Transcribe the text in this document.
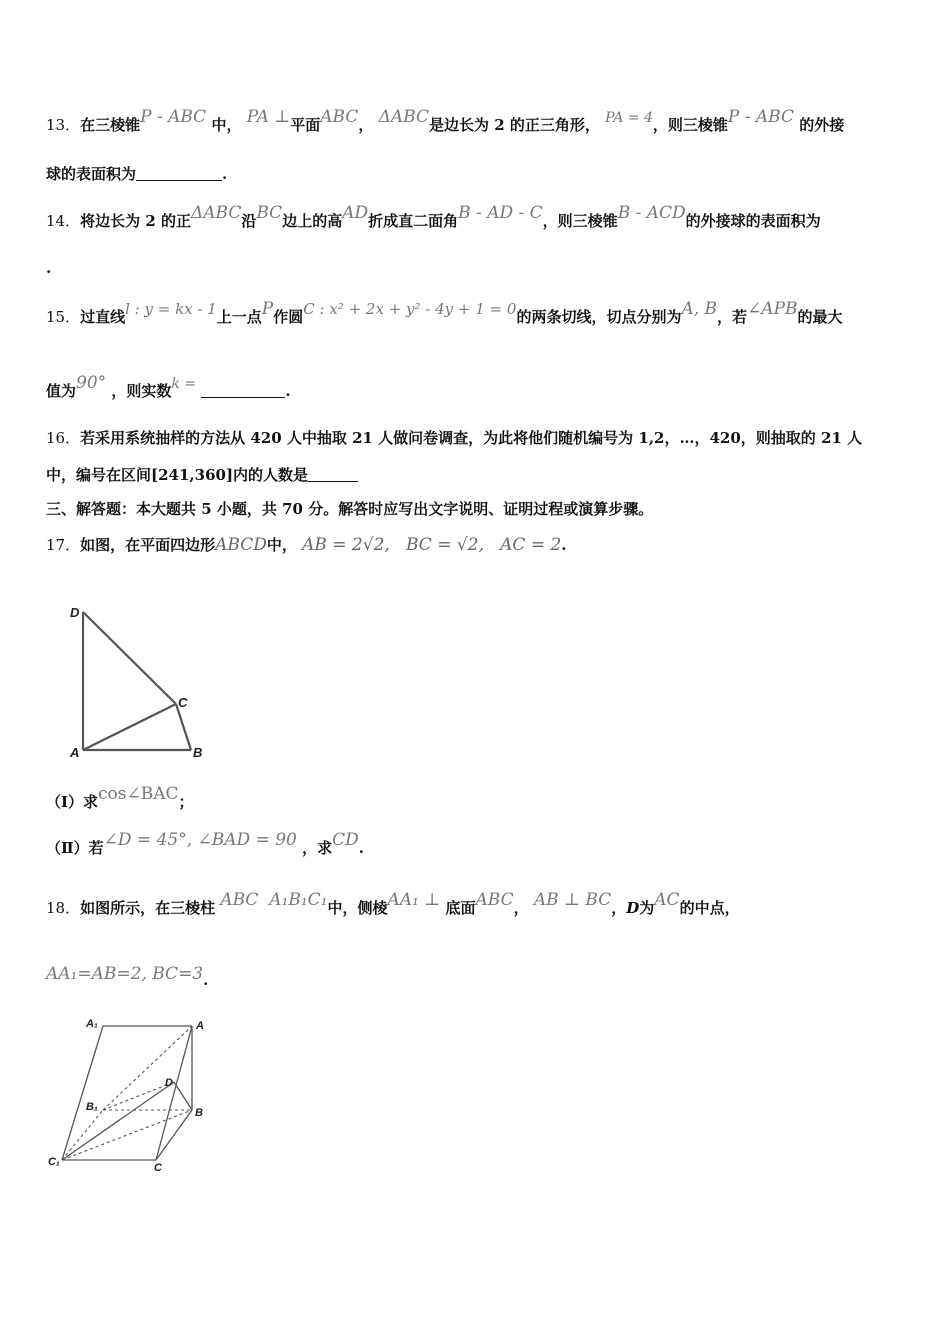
13．在三棱锥P - ABC 中， PA ⊥平面ABC， ΔABC是边长为 2 的正三角形， PA = 4，则三棱锥P - ABC 的外接
球的表面积为	.
14．将边长为 2 的正ΔABC沿BC边上的高AD折成直二面角B - AD - C，则三棱锥B - ACD的外接球的表面积为
.
15．过直线l : y = kx - 1上一点P作圆C : x² + 2x + y² - 4y + 1 = 0的两条切线，切点分别为A, B，若∠APB的最大
值为90° ，则实数k =	.
16．若采用系统抽样的方法从 420 人中抽取 21 人做问卷调查，为此将他们随机编号为 1,2，…，420，则抽取的 21 人
中，编号在区间[241,360]内的人数是
三、解答题：本大题共 5 小题，共 70 分。解答时应写出文字说明、证明过程或演算步骤。
17．如图，在平面四边形ABCD中， AB = 2√2,   BC = √2,   AC = 2.
D
C
A	B
（Ⅰ）求cos∠BAC；
（Ⅱ）若∠D = 45°, ∠BAD = 90 ，求CD.
18．如图所示，在三棱柱 ABC  A₁B₁C₁中，侧棱AA₁ ⊥ 底面ABC， AB ⊥ BC，D为AC的中点，
AA₁=AB=2, BC=3.
A₁	A
D
B₁	B
C₁	C
